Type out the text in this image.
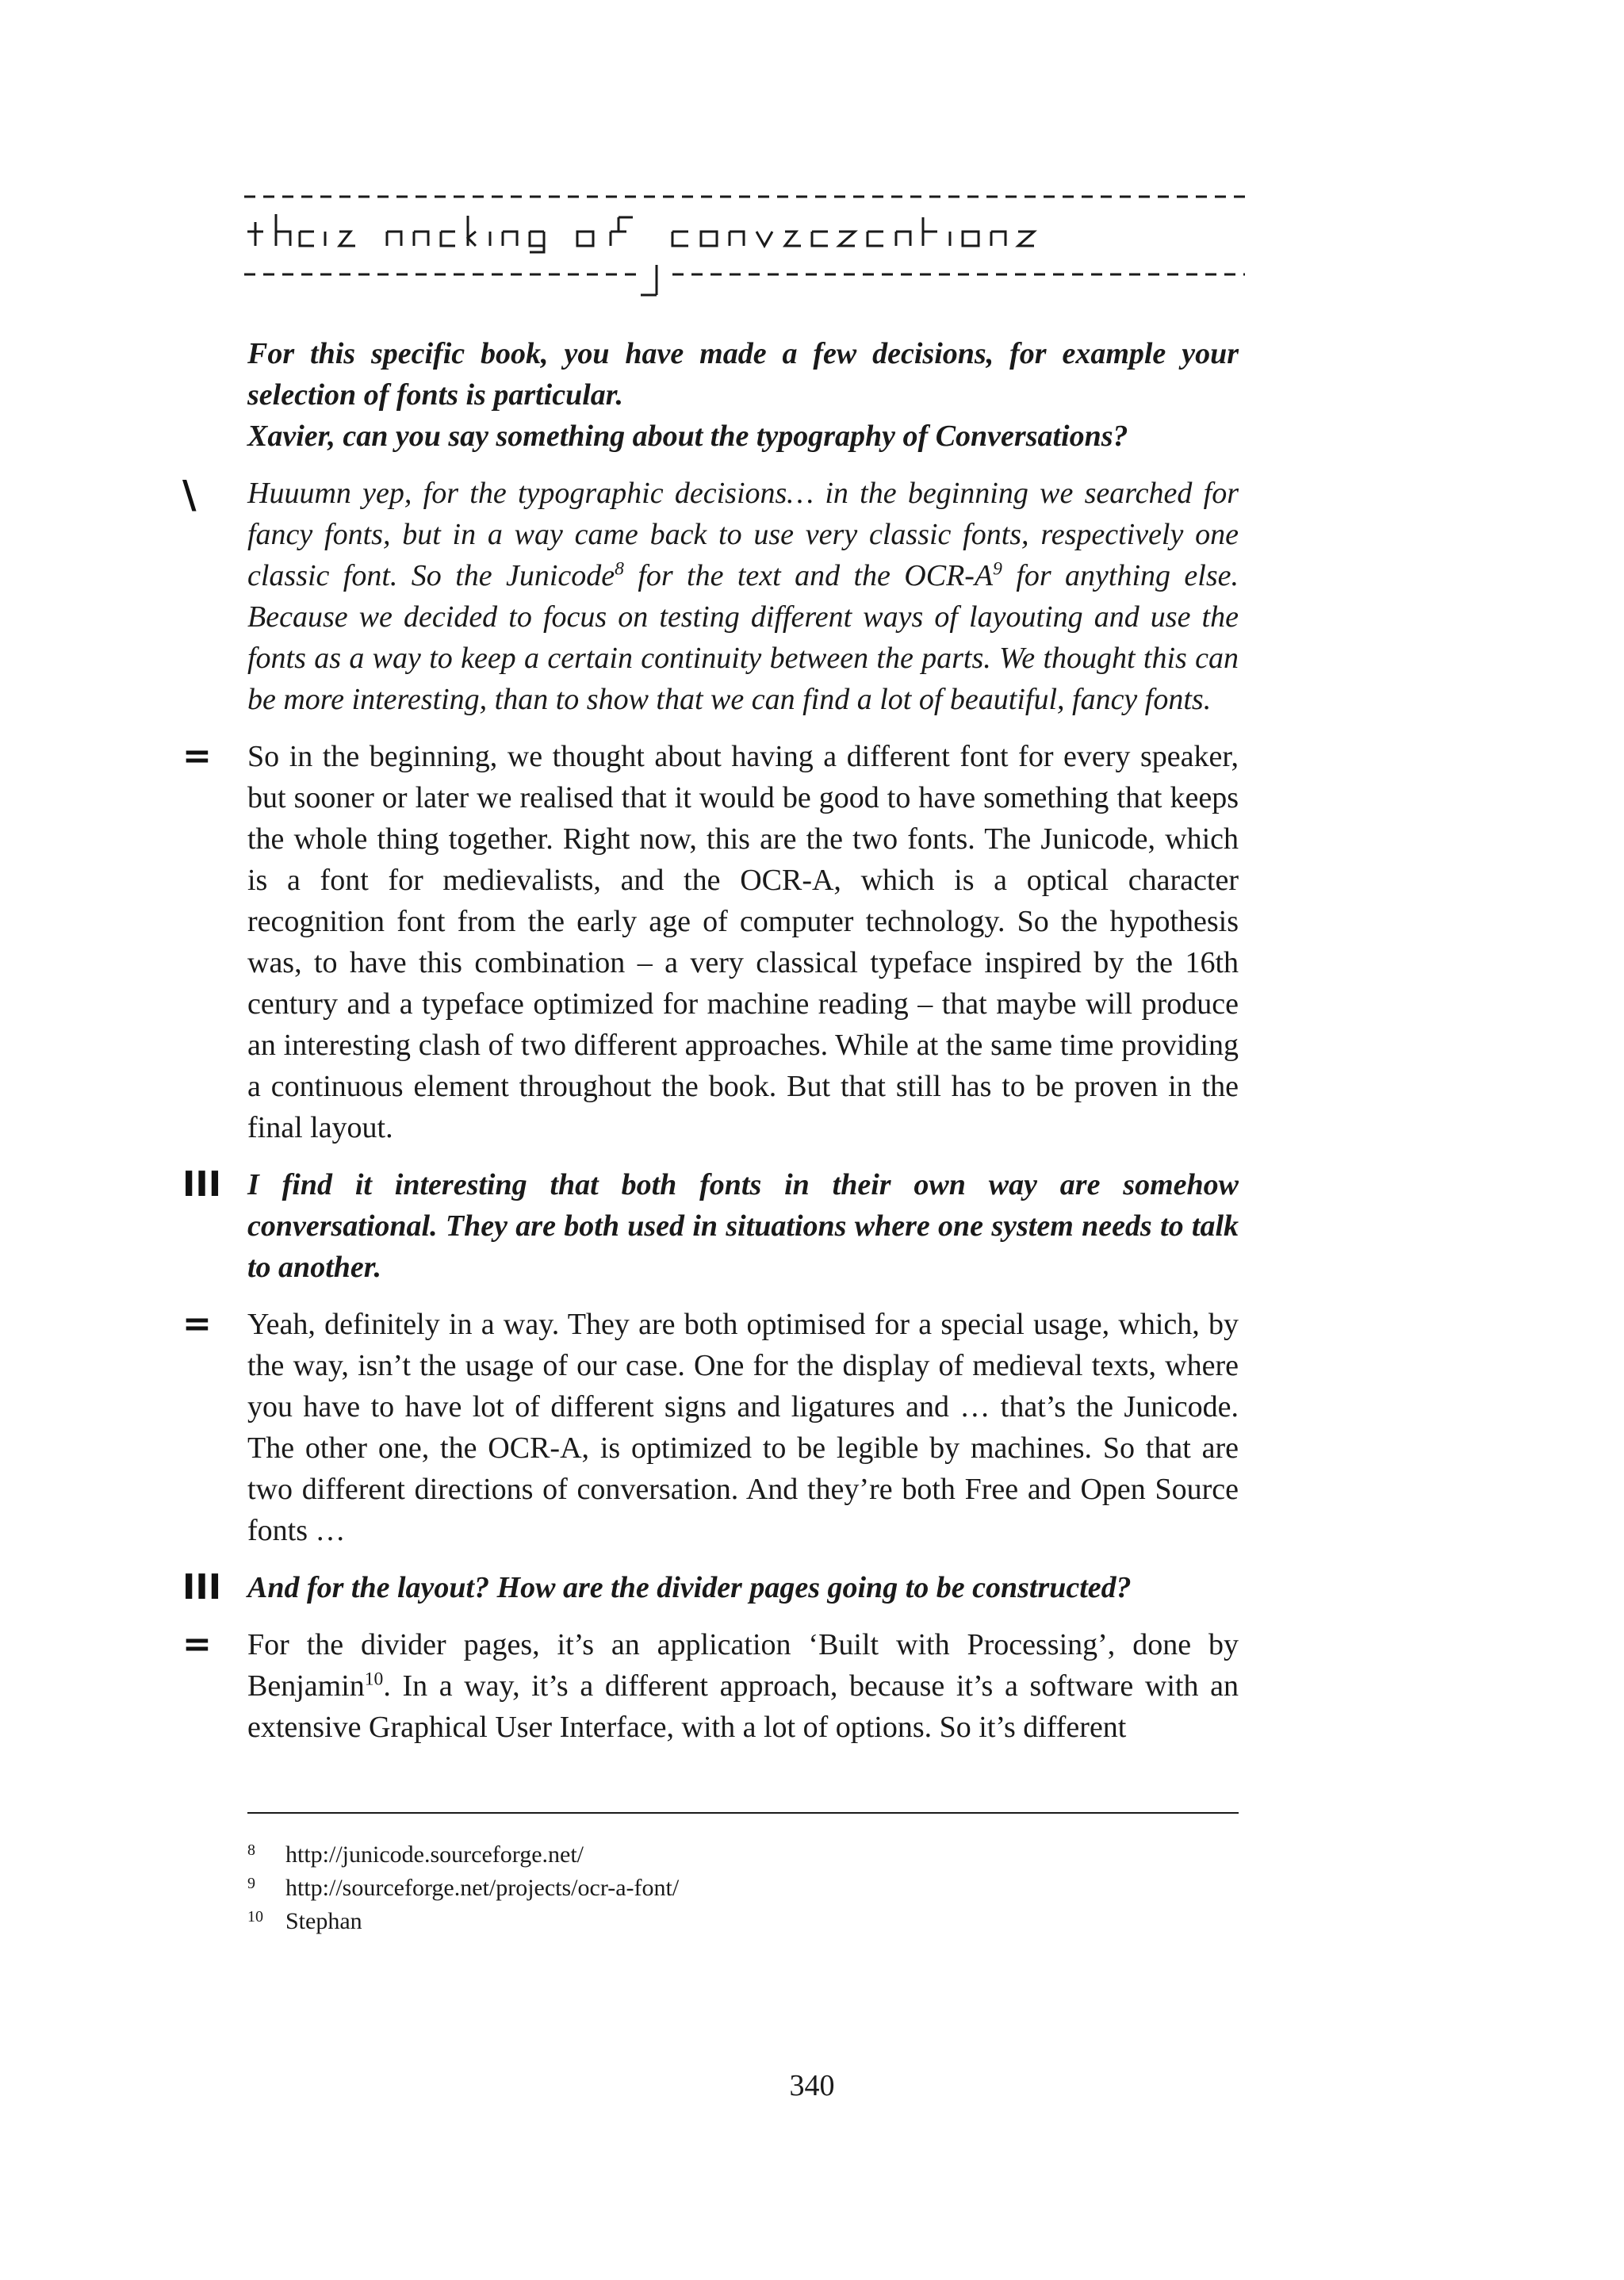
For this specific book, you have made a few decisions, for example your selection of fonts is particular.
Xavier, can you say something about the typography of Conversations?

\ Huuumn yep, for the typographic decisions… in the beginning we searched for fancy fonts, but in a way came back to use very classic fonts, respectively one classic font. So the Junicode$^8$ for the text and the OCR-$A^9$ for anything else. Because we decided to focus on testing different ways of layouting and use the fonts as a way to keep a certain continuity between the parts. We thought this can be more interesting, than to show that we can find a lot of beautiful, fancy fonts.

= So in the beginning, we thought about having a different font for every speaker, but sooner or later we realised that it would be good to have something that keeps the whole thing together. Right now, this are the two fonts. The Junicode, which is a font for medievalists, and the OCR-A, which is a optical character recognition font from the early age of computer technology. So the hypothesis was, to have this combination – a very classical typeface inspired by the 16th century and a typeface optimized for machine reading – that maybe will produce an interesting clash of two different approaches. While at the same time providing a continuous element throughout the book. But that still has to be proven in the final layout.

III I find it interesting that both fonts in their own way are somehow conversational. They are both used in situations where one system needs to talk to another.

= Yeah, definitely in a way. They are both optimised for a special usage, which, by the way, isn’t the usage of our case. One for the display of medieval texts, where you have to have lot of different signs and ligatures and … that’s the Junicode. The other one, the OCR-A, is optimized to be legible by machines. So that are two different directions of conversation. And they’re both Free and Open Source fonts …

III And for the layout? How are the divider pages going to be constructed?

= For the divider pages, it’s an application ‘Built with Processing’, done by Benjamin$^{10}$. In a way, it’s a different approach, because it’s a software with an extensive Graphical User Interface, with a lot of options. So it’s different

8 http://junicode.sourceforge.net/

9 http://sourceforge.net/projects/ocr-a-font/

10 Stephan

340
